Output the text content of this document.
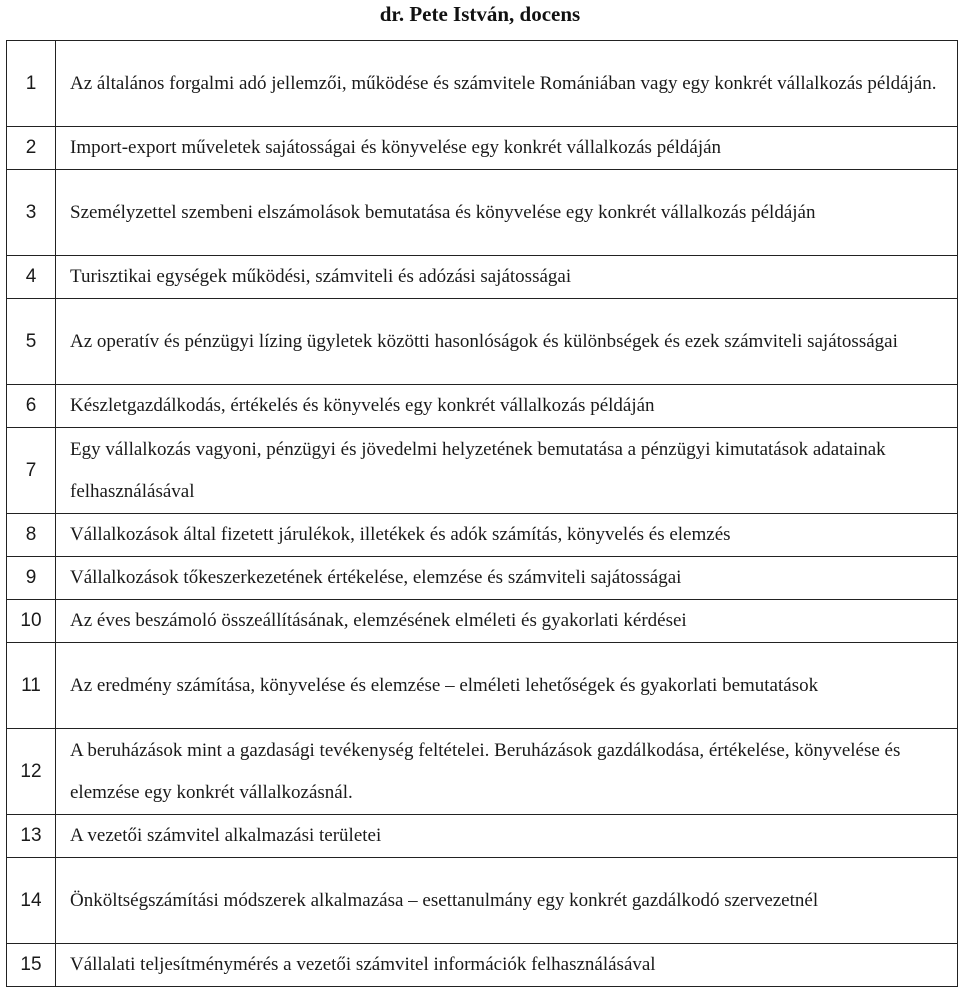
dr. Pete István, docens
1	Az általános forgalmi adó jellemzői, működése és számvitele Romániában vagy egy konkrét vállalkozás példáján.
2	Import-export műveletek sajátosságai és könyvelése egy konkrét vállalkozás példáján
3	Személyzettel szembeni elszámolások bemutatása és könyvelése egy konkrét vállalkozás példáján
4	Turisztikai egységek működési, számviteli és adózási sajátosságai
5	Az operatív és pénzügyi lízing ügyletek közötti hasonlóságok és különbségek és ezek számviteli sajátosságai
6	Készletgazdálkodás, értékelés és könyvelés egy konkrét vállalkozás példáján
7	Egy vállalkozás vagyoni, pénzügyi és jövedelmi helyzetének bemutatása a pénzügyi kimutatások adatainak felhasználásával
8	Vállalkozások által fizetett járulékok, illetékek és adók számítás, könyvelés és elemzés
9	Vállalkozások tőkeszerkezetének értékelése, elemzése és számviteli sajátosságai
10	Az éves beszámoló összeállításának, elemzésének elméleti és gyakorlati kérdései
11	Az eredmény számítása, könyvelése és elemzése – elméleti lehetőségek és gyakorlati bemutatások
12	A beruházások mint a gazdasági tevékenység feltételei. Beruházások gazdálkodása, értékelése, könyvelése és elemzése egy konkrét vállalkozásnál.
13	A vezetői számvitel alkalmazási területei
14	Önköltségszámítási módszerek alkalmazása – esettanulmány egy konkrét gazdálkodó szervezetnél
15	Vállalati teljesítménymérés a vezetői számvitel információk felhasználásával
